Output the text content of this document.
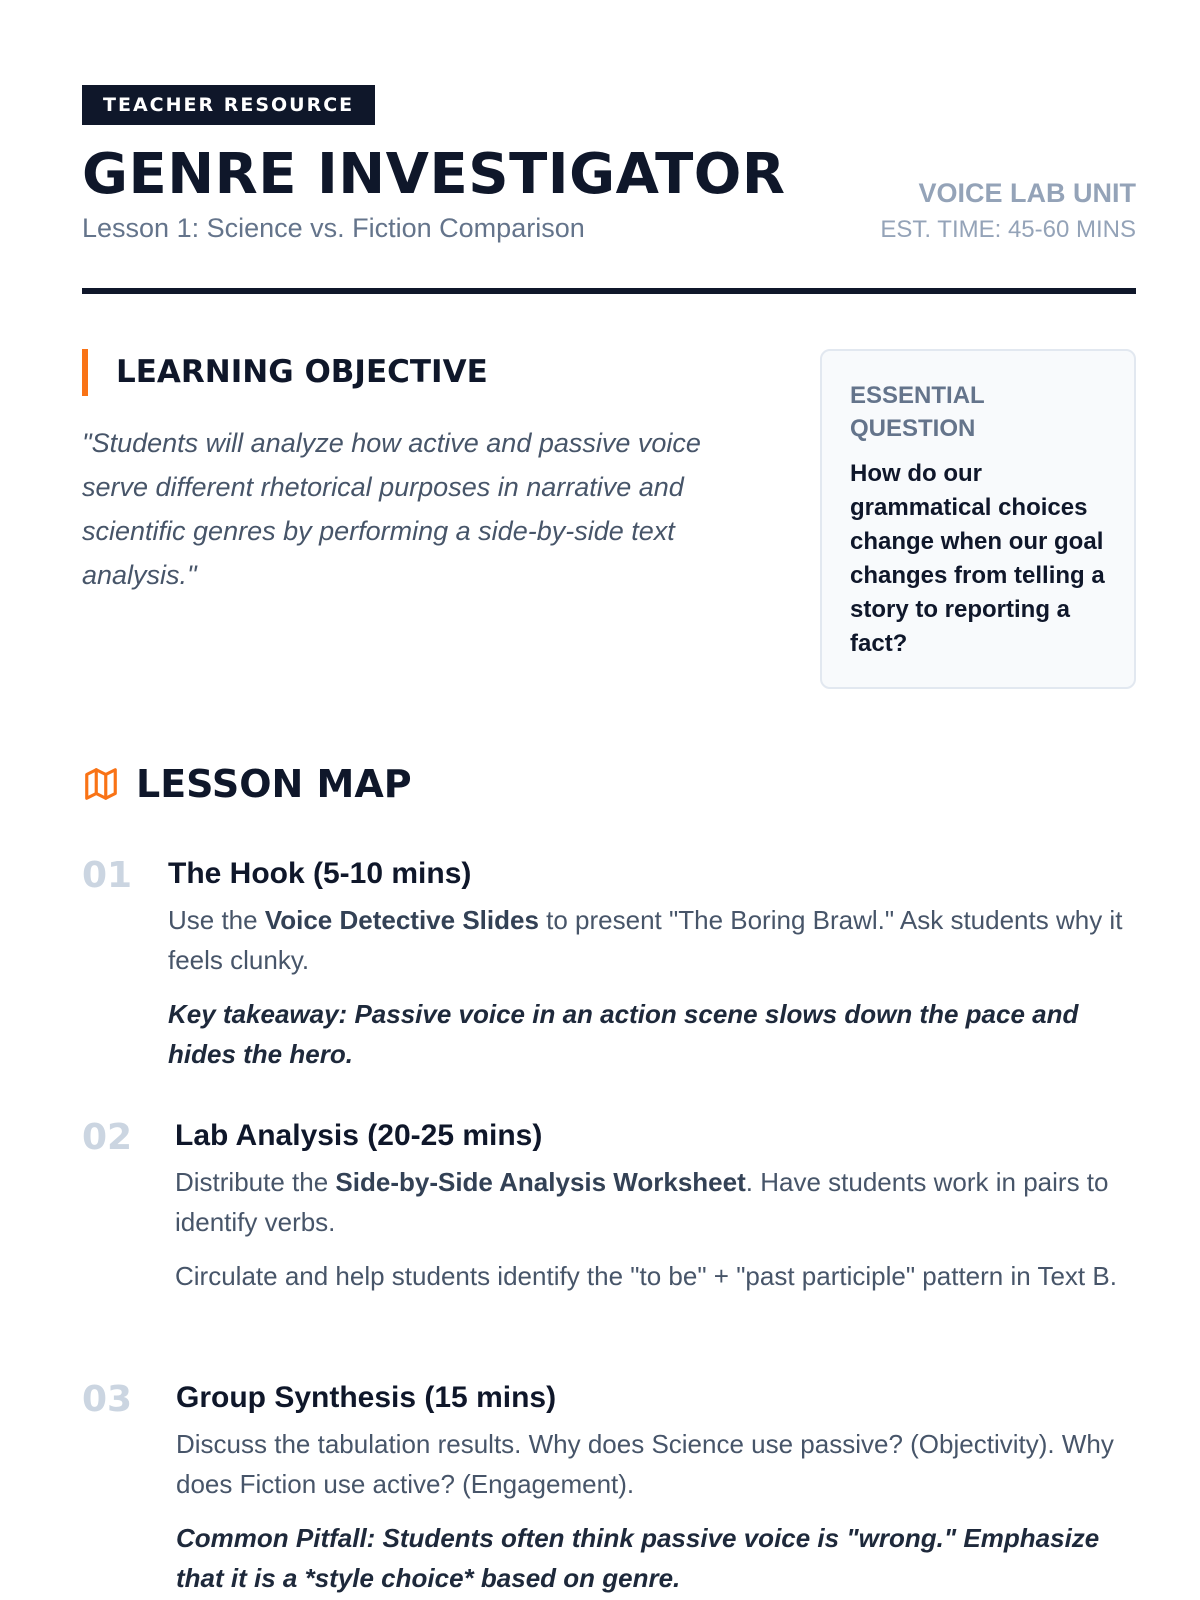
TEACHER RESOURCE
GENRE INVESTIGATOR
Lesson 1: Science vs. Fiction Comparison
VOICE LAB UNIT
EST. TIME: 45-60 MINS
LEARNING OBJECTIVE
"Students will analyze how active and passive voice serve different rhetorical purposes in narrative and scientific genres by performing a side-by-side text analysis."
ESSENTIAL QUESTION
How do our grammatical choices change when our goal changes from telling a story to reporting a fact?
LESSON MAP
01 The Hook (5-10 mins)
Use the Voice Detective Slides to present "The Boring Brawl." Ask students why it feels clunky.
Key takeaway: Passive voice in an action scene slows down the pace and hides the hero.
02 Lab Analysis (20-25 mins)
Distribute the Side-by-Side Analysis Worksheet. Have students work in pairs to identify verbs.
Circulate and help students identify the "to be" + "past participle" pattern in Text B.
03 Group Synthesis (15 mins)
Discuss the tabulation results. Why does Science use passive? (Objectivity). Why does Fiction use active? (Engagement).
Common Pitfall: Students often think passive voice is "wrong." Emphasize that it is a *style choice* based on genre.
